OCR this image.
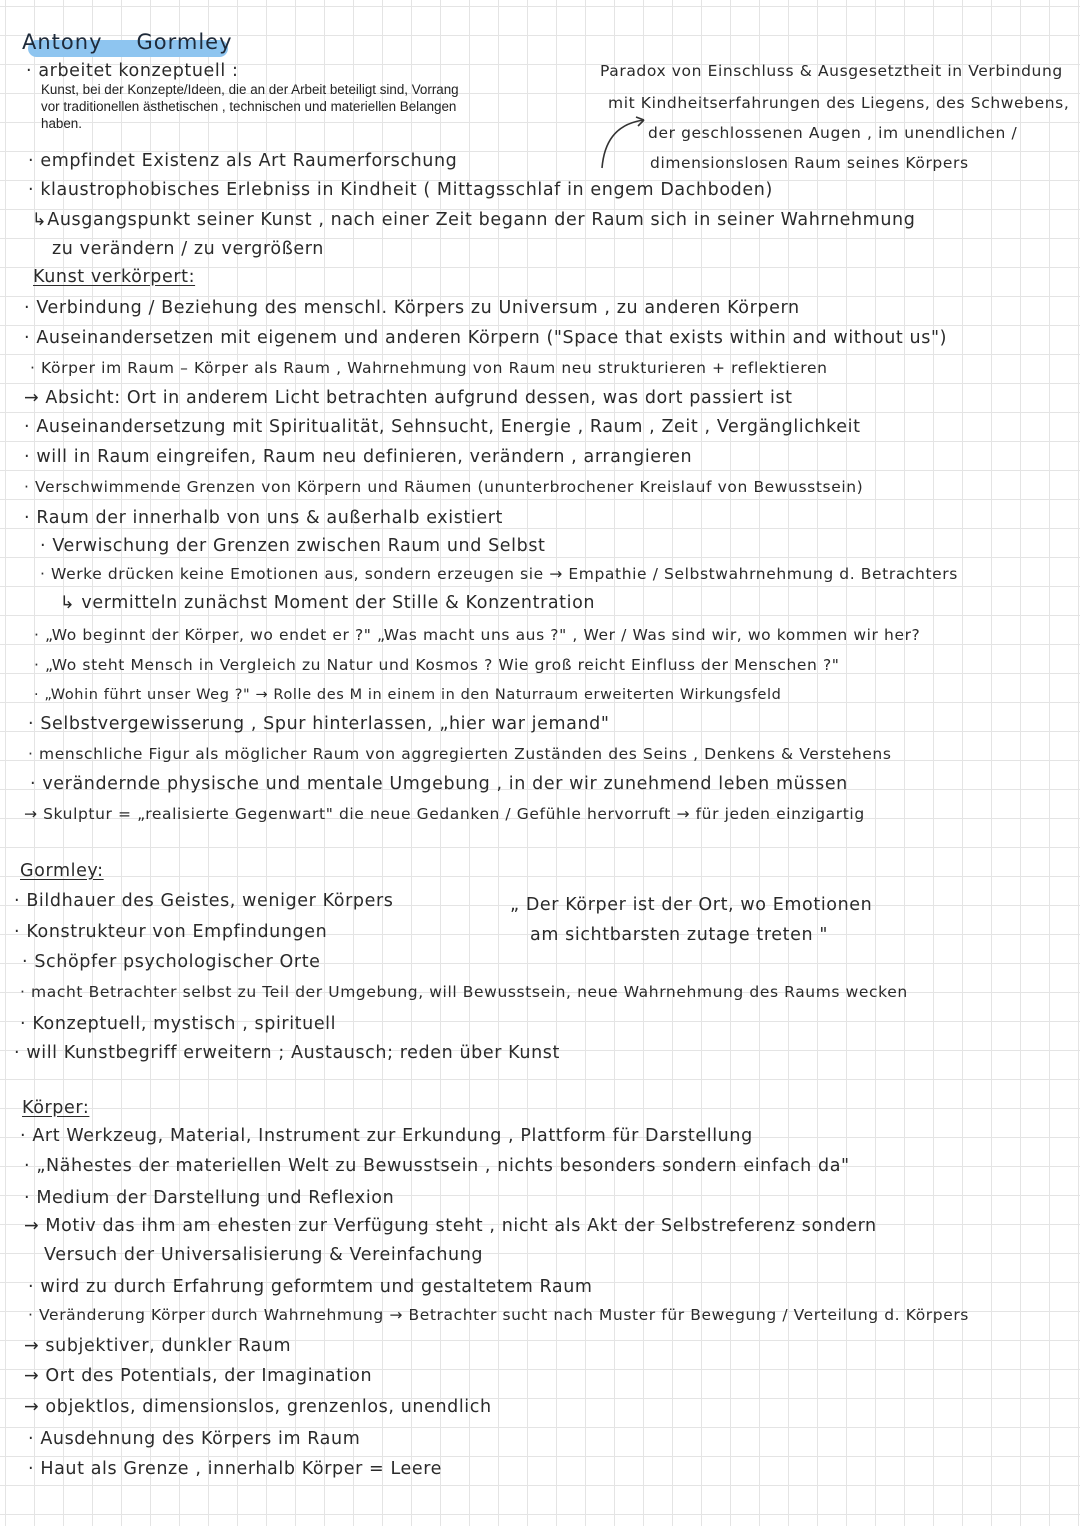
Antony Gormley
· arbeitet konzeptuell :
Kunst, bei der Konzepte/Ideen, die an der Arbeit beteiligt sind, Vorrang vor traditionellen ästhetischen , technischen und materiellen Belangen haben.
Paradox von Einschluss & Ausgesetztheit in Verbindung
mit Kindheitserfahrungen des Liegens, des Schwebens,
der geschlossenen Augen , im unendlichen /
dimensionslosen Raum seines Körpers
· empfindet Existenz als Art Raumerforschung
· klaustrophobisches Erlebniss in Kindheit ( Mittagsschlaf in engem Dachboden)
↳Ausgangspunkt seiner Kunst , nach einer Zeit begann der Raum sich in seiner Wahrnehmung
zu verändern / zu vergrößern
Kunst verkörpert:
· Verbindung / Beziehung des menschl. Körpers zu Universum , zu anderen Körpern
· Auseinandersetzen mit eigenem und anderen Körpern ("Space that exists within and without us")
· Körper im Raum – Körper als Raum , Wahrnehmung von Raum neu strukturieren + reflektieren
→ Absicht: Ort in anderem Licht betrachten aufgrund dessen, was dort passiert ist
· Auseinandersetzung mit Spiritualität, Sehnsucht, Energie , Raum , Zeit , Vergänglichkeit
· will in Raum eingreifen, Raum neu definieren, verändern , arrangieren
· Verschwimmende Grenzen von Körpern und Räumen (ununterbrochener Kreislauf von Bewusstsein)
· Raum der innerhalb von uns & außerhalb existiert
· Verwischung der Grenzen zwischen Raum und Selbst
· Werke drücken keine Emotionen aus, sondern erzeugen sie → Empathie / Selbstwahrnehmung d. Betrachters
↳ vermitteln zunächst Moment der Stille & Konzentration
· „Wo beginnt der Körper, wo endet er ?" „Was macht uns aus ?" , Wer / Was sind wir, wo kommen wir her?
· „Wo steht Mensch in Vergleich zu Natur und Kosmos ? Wie groß reicht Einfluss der Menschen ?"
· „Wohin führt unser Weg ?" → Rolle des M in einem in den Naturraum erweiterten Wirkungsfeld
· Selbstvergewisserung , Spur hinterlassen, „hier war jemand"
· menschliche Figur als möglicher Raum von aggregierten Zuständen des Seins , Denkens & Verstehens
· verändernde physische und mentale Umgebung , in der wir zunehmend leben müssen
→ Skulptur = „realisierte Gegenwart" die neue Gedanken / Gefühle hervorruft → für jeden einzigartig
Gormley:
· Bildhauer des Geistes, weniger Körpers
· Konstrukteur von Empfindungen
· Schöpfer psychologischer Orte
· macht Betrachter selbst zu Teil der Umgebung, will Bewusstsein, neue Wahrnehmung des Raums wecken
· Konzeptuell, mystisch , spirituell
· will Kunstbegriff erweitern ; Austausch; reden über Kunst
„ Der Körper ist der Ort, wo Emotionen
am sichtbarsten zutage treten "
Körper:
· Art Werkzeug, Material, Instrument zur Erkundung , Plattform für Darstellung
· „Nähestes der materiellen Welt zu Bewusstsein , nichts besonders sondern einfach da"
· Medium der Darstellung und Reflexion
→ Motiv das ihm am ehesten zur Verfügung steht , nicht als Akt der Selbstreferenz sondern
Versuch der Universalisierung & Vereinfachung
· wird zu durch Erfahrung geformtem und gestaltetem Raum
· Veränderung Körper durch Wahrnehmung → Betrachter sucht nach Muster für Bewegung / Verteilung d. Körpers
→ subjektiver, dunkler Raum
→ Ort des Potentials, der Imagination
→ objektlos, dimensionslos, grenzenlos, unendlich
· Ausdehnung des Körpers im Raum
· Haut als Grenze , innerhalb Körper = Leere
